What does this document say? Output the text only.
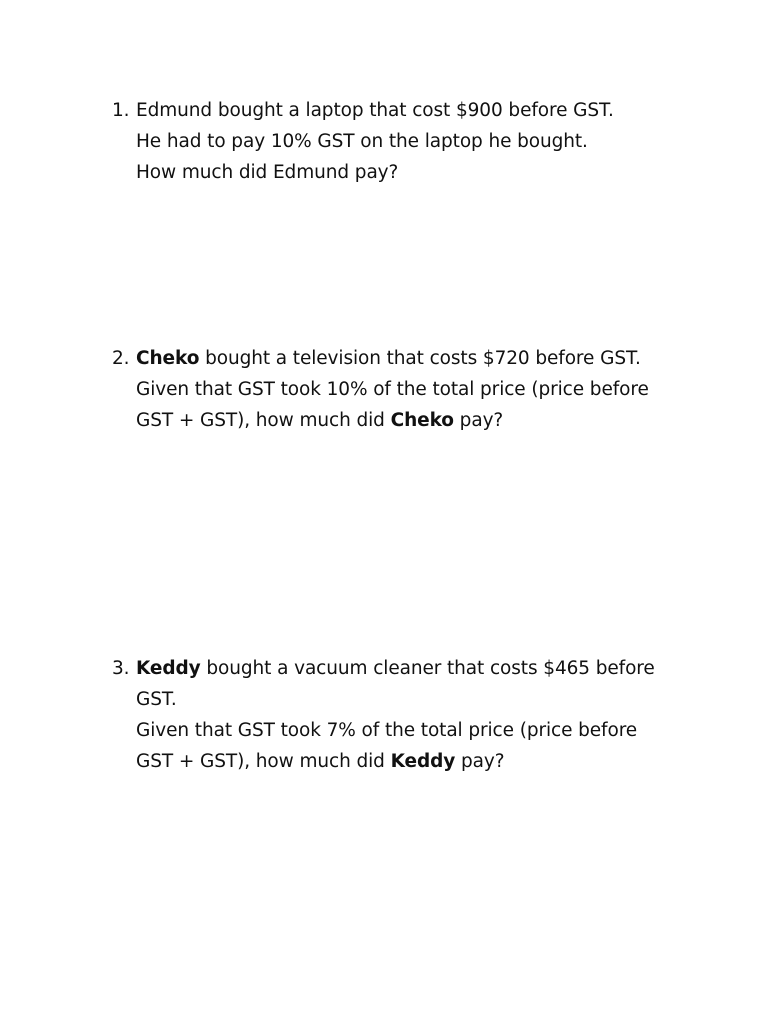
1. Edmund bought a laptop that cost $900 before GST.
He had to pay 10% GST on the laptop he bought.
How much did Edmund pay?
2. Cheko bought a television that costs $720 before GST.
Given that GST took 10% of the total price (price before
GST + GST), how much did Cheko pay?
3. Keddy bought a vacuum cleaner that costs $465 before
GST.
Given that GST took 7% of the total price (price before
GST + GST), how much did Keddy pay?
